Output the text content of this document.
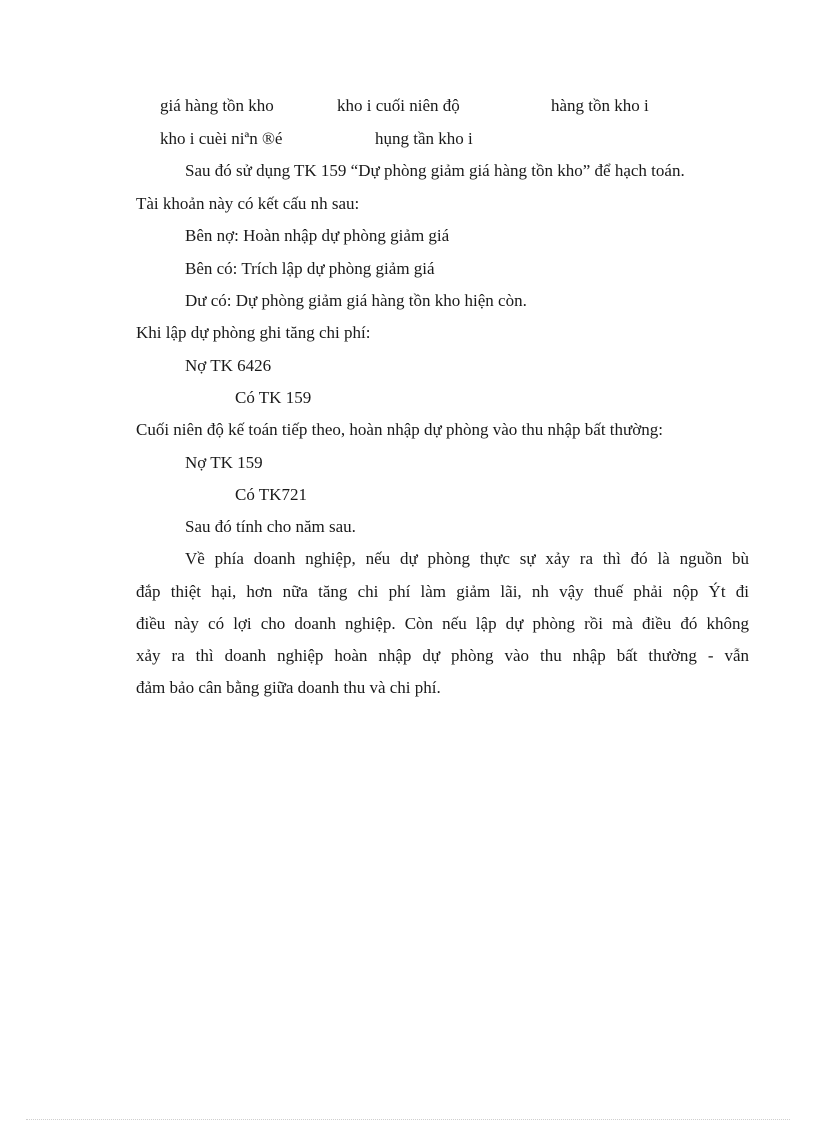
giá hàng tồn kho	kho i cuối niên độ	hàng tồn kho i
kho i cuèi niªn ®é	hụng tần kho i
Sau đó sử dụng TK 159 “Dự phòng giảm giá hàng tồn kho” để hạch toán.
Tài khoản này có kết cấu nh sau:
Bên nợ: Hoàn nhập dự phòng giảm giá
Bên có: Trích lập dự phòng giảm giá
Dư có: Dự phòng giảm giá hàng tồn kho hiện còn.
Khi lập dự phòng ghi tăng chi phí:
Nợ TK 6426
Có TK 159
Cuối niên độ kế toán tiếp theo, hoàn nhập dự phòng vào thu nhập bất thường:
Nợ TK 159
Có TK721
Sau đó tính cho năm sau.
Về phía doanh nghiệp, nếu dự phòng thực sự xảy ra thì đó là nguồn bù
đắp thiệt hại, hơn nữa tăng chi phí làm giảm lãi, nh vậy thuế phải nộp Ýt đi
điều này có lợi cho doanh nghiệp. Còn nếu lập dự phòng rồi mà điều đó không
xảy ra thì doanh nghiệp hoàn nhập dự phòng vào thu nhập bất thường - vẫn
đảm bảo cân bằng giữa doanh thu và chi phí.
